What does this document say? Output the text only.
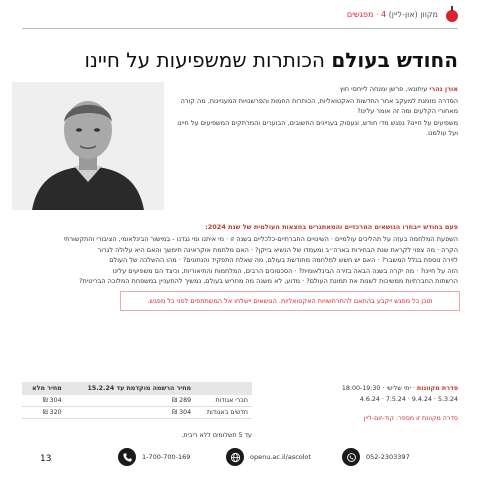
מקוון (און-ליין) 4 · מפגשים
החודש בעולם הכותרות שמשפיעות על חיינו

אורן נהרי עיתונאי, פרשן ומנחה לייחסי חוץ

הסדרה מזמנת למעקב אחר החדשות האקטואליות, הכותרות החמות והפרשנויות המעניינות. מה קורה מאחורי הקלעים ומה זה אומר עלינו?

משפיעים על חיינו? נפגש מדי חודש, ונעסוק בעניינים החשובים, הבוערים והמרתקים המשפיעים על חיינו ועל עולמנו.

פעם בחודש ייבחרו הנושאים המרכזיים והמאתגרים בחצאות העולמית של שנת 2024:

השפעת המלחמה בעזה על תהליכים עולמיים · השינויים החברתיים-כלכליים בשנה זו · מי איתנו ומי נגדנו - במישור הבינלאומי, הציבורי והתקשורתי

הקרה · מה צפוי לקראת שנת הבחירות בארה״ב ומעמדו של הנשיא בייקן? · האם מלחמת אוקראינה תימשך והאם היא עלולה לגרור

לזירה נוספת בגלל המשבר? · האם יש חשש למלחמה מחודשת בעולם, מה שאלת התפקיד והנתונים? · מהו ההשלכה של העולם

הזה על חיינו? · מה יקרה בשנה הבאה בזירה הבינלאומית? · הסכסוכים הרבים, המלחמות והתיאוריות, וכיצד הם משפיעים עלינו

הרשתות החברתיות ממשיכות לשנות את תמונת העולם? · מדוע, לא משנה מה מחריש בעולם, נמשיך להתעניין במשפחת המלוכה הבריטית?

תוכן כל מפגש ייקבע בהתאם להתרחשויות האקטואליות. הנושאים יישלחו אל המשתתפים לפני כל מפגש.
סדרת מקוונות · ימי שלישי · 18:00-19:30
5.3.24 · 9.4.24 · 7.5.24 · 4.6.24
סדרה מקוונת זו מספר: קוד-זום-ליין
	מחיר הרשמה מוקדמת עד 15.2.24	מחיר מלא
חברי אגודות	289 ₪	304 ₪
חדשים באגודות	304 ₪	320 ₪
עד 5 תשלומים ללא ריבית.
13	1-700-700-169	openu.ac.il/ascolot	052-2303397
